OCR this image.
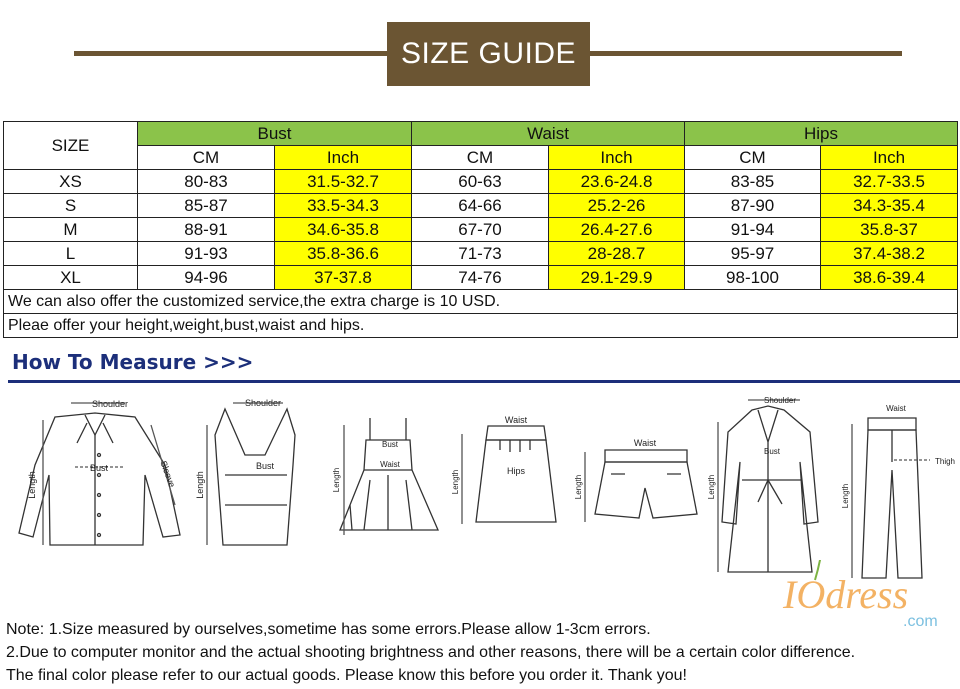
SIZE GUIDE
SIZE	Bust		Waist		Hips	
	CM	Inch	CM	Inch	CM	Inch
XS	80-83	31.5-32.7	60-63	23.6-24.8	83-85	32.7-33.5
S	85-87	33.5-34.3	64-66	25.2-26	87-90	34.3-35.4
M	88-91	34.6-35.8	67-70	26.4-27.6	91-94	35.8-37
L	91-93	35.8-36.6	71-73	28-28.7	95-97	37.4-38.2
XL	94-96	37-37.8	74-76	29.1-29.9	98-100	38.6-39.4
We can also offer the customized service,the extra charge is 10 USD.						
Pleae offer your height,weight,bust,waist and hips.						
How To Measure >>>
Shoulder
Bust
Length	Sleeve
Shoulder
Bust
Length
Bust
Waist
Length
Waist
Hips
Length
Waist
Length
Shoulder
Bust
Length
Waist
Thigh
Length
IOdress
.com
Note: 1.Size measured by ourselves,sometime has some errors.Please allow 1-3cm errors.
2.Due to computer monitor and the actual shooting brightness and other reasons, there will be a certain color difference.
The final color please refer to our actual goods. Please know this before you order it. Thank you!
